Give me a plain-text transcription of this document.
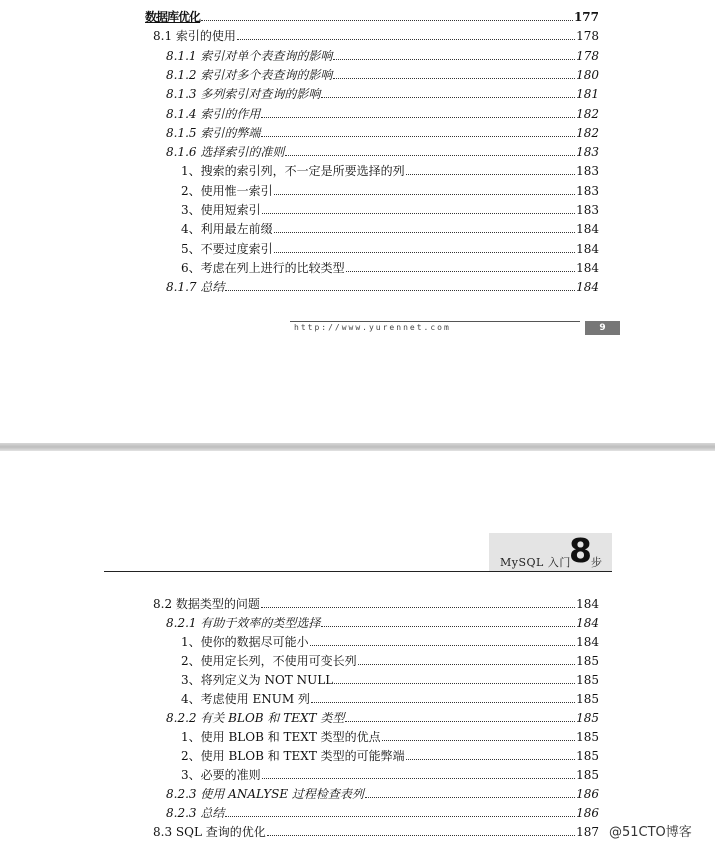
数据库优化	177
8.1 索引的使用	178
8.1.1 索引对单个表查询的影响	178
8.1.2 索引对多个表查询的影响	180
8.1.3 多列索引对查询的影响	181
8.1.4 索引的作用	182
8.1.5 索引的弊端	182
8.1.6 选择索引的准则	183
1、搜索的索引列，不一定是所要选择的列	183
2、使用惟一索引	183
3、使用短索引	183
4、利用最左前缀	184
5、不要过度索引	184
6、考虑在列上进行的比较类型	184
8.1.7 总结	184
http://www.yurennet.com	9
MySQL 入门
8 步
8.2 数据类型的问题	184
8.2.1 有助于效率的类型选择	184
1、使你的数据尽可能小	184
2、使用定长列，不使用可变长列	185
3、将列定义为 NOT NULL	185
4、考虑使用 ENUM 列	185
8.2.2 有关 BLOB 和 TEXT 类型	185
1、使用 BLOB 和 TEXT 类型的优点	185
2、使用 BLOB 和 TEXT 类型的可能弊端	185
3、必要的准则	185
8.2.3 使用 ANALYSE 过程检查表列	186
8.2.3 总结	186
8.3 SQL 查询的优化	187 @51CTO博客
